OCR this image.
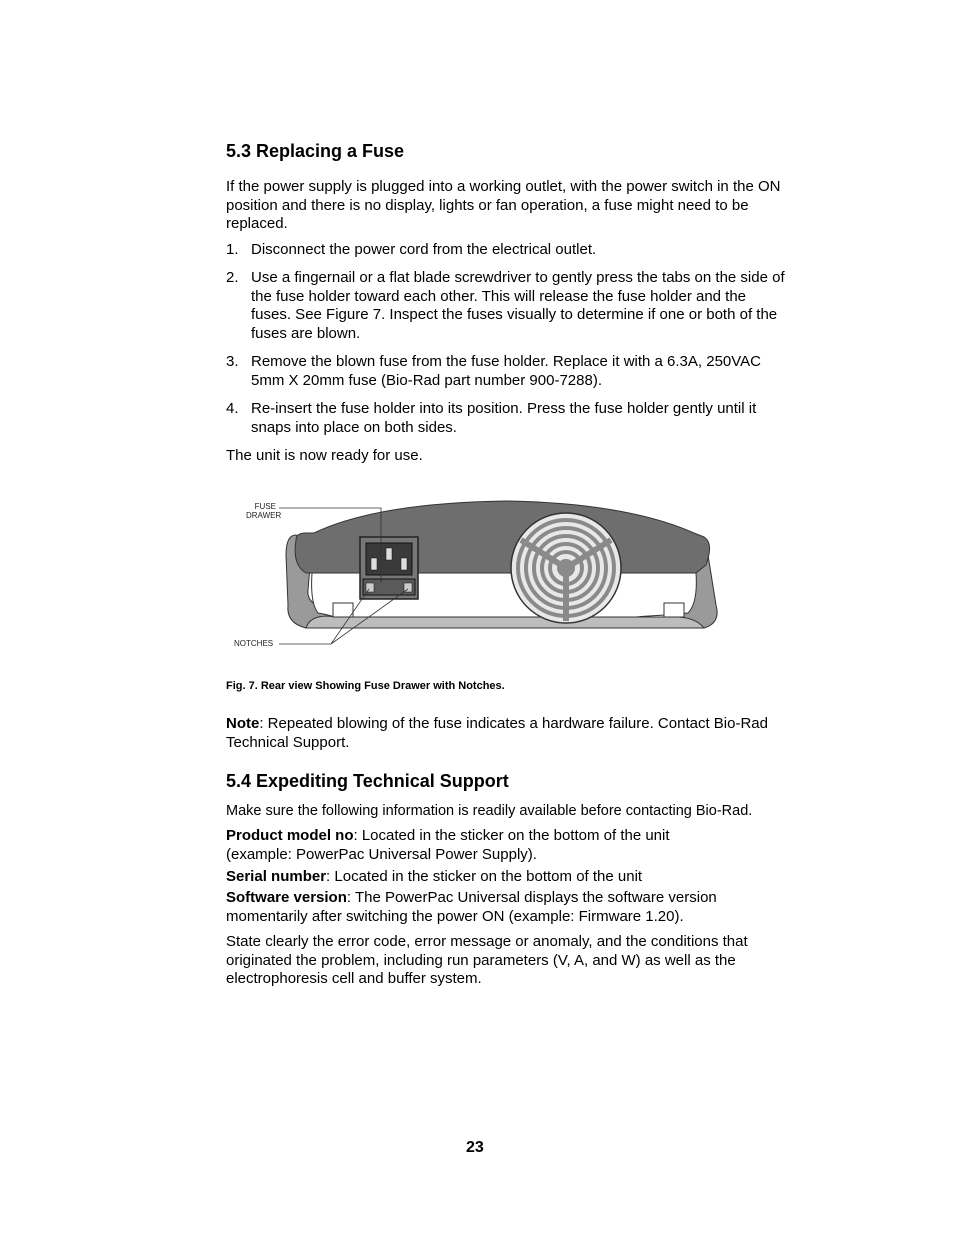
5.3 Replacing a Fuse

If the power supply is plugged into a working outlet, with the power switch in the ON position and there is no display, lights or fan operation, a fuse might need to be replaced.

1. Disconnect the power cord from the electrical outlet.
2. Use a fingernail or a flat blade screwdriver to gently press the tabs on the side of the fuse holder toward each other. This will release the fuse holder and the fuses. See Figure 7. Inspect the fuses visually to determine if one or both of the fuses are blown.
3. Remove the blown fuse from the fuse holder. Replace it with a 6.3A, 250VAC 5mm X 20mm fuse (Bio-Rad part number 900-7288).
4. Re-insert the fuse holder into its position. Press the fuse holder gently until it snaps into place on both sides.

The unit is now ready for use.

FUSE
DRAWER
NOTCHES
Fig. 7. Rear view Showing Fuse Drawer with Notches.

Note: Repeated blowing of the fuse indicates a hardware failure. Contact Bio-Rad Technical Support.

5.4 Expediting Technical Support

Make sure the following information is readily available before contacting Bio-Rad.

Product model no: Located in the sticker on the bottom of the unit (example: PowerPac Universal Power Supply).

Serial number: Located in the sticker on the bottom of the unit

Software version: The PowerPac Universal displays the software version momentarily after switching the power ON (example: Firmware 1.20).

State clearly the error code, error message or anomaly, and the conditions that originated the problem, including run parameters (V, A, and W) as well as the electrophoresis cell and buffer system.

23
